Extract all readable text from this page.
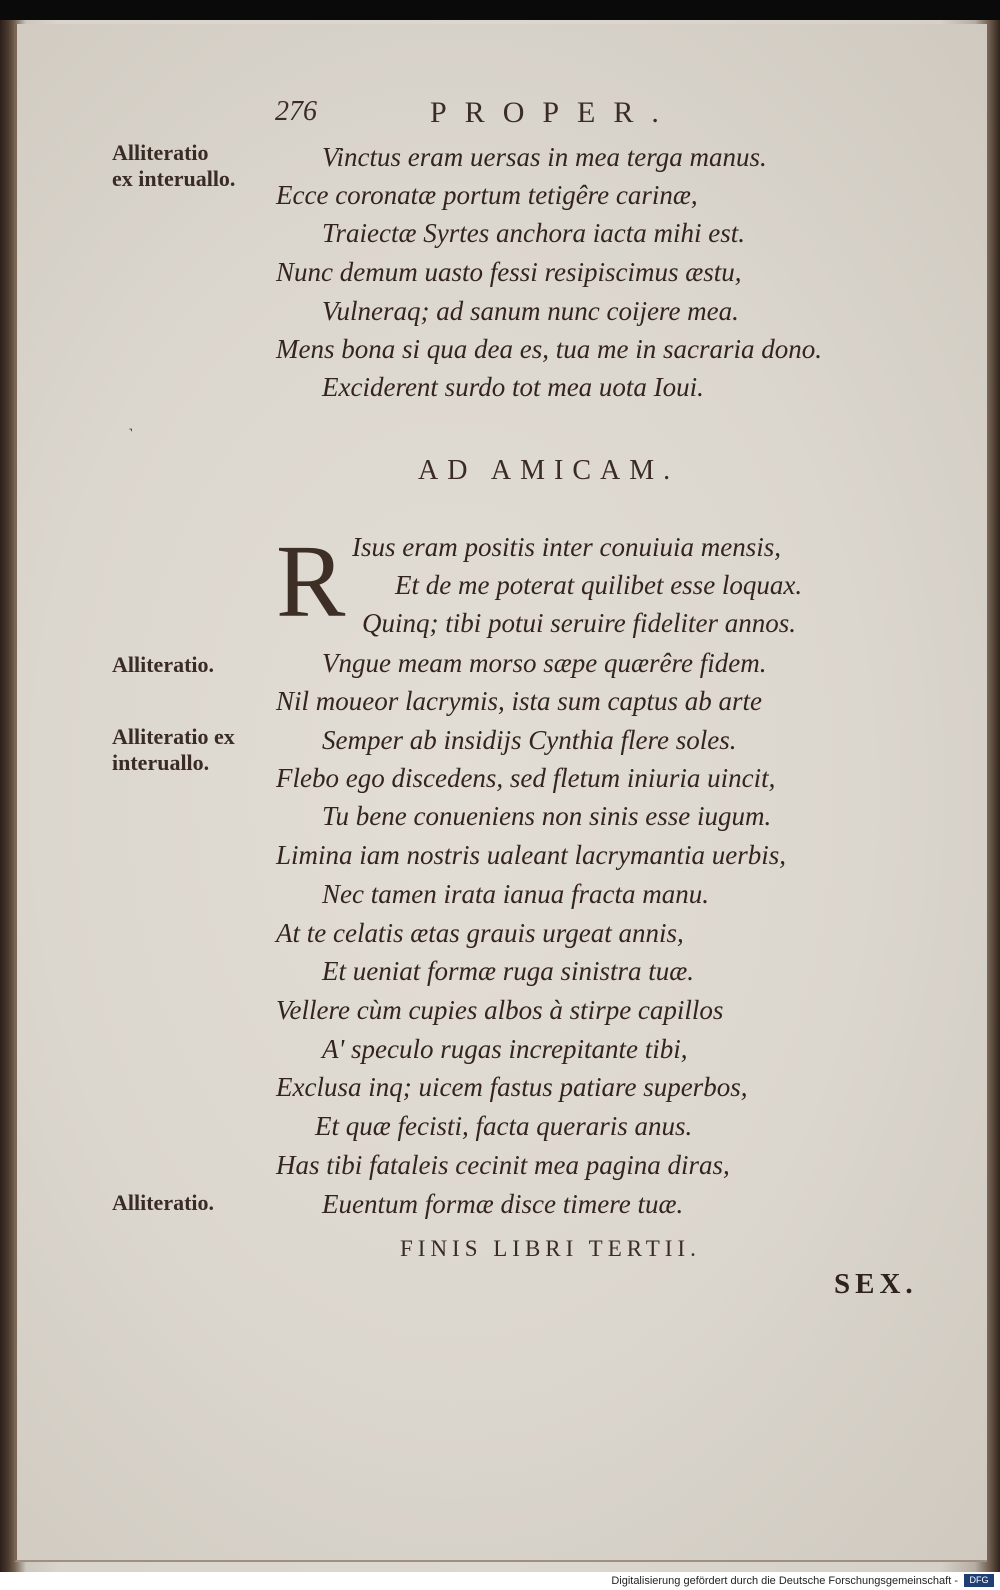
276	PROPER.
Alliteratio
ex interuallo.
Alliteratio.
Alliteratio ex
interuallo.
Alliteratio.
Vinctus eram uersas in mea terga manus.
Ecce coronatæ portum tetigêre carinæ,
Traiectæ Syrtes anchora iacta mihi est.
Nunc demum uasto fessi resipiscimus æstu,
Vulneraq; ad sanum nunc coijere mea.
Mens bona si qua dea es, tua me in sacraria dono.
Exciderent surdo tot mea uota Ioui.
˺
AD AMICAM.
R Isus eram positis inter conuiuia mensis,
Et de me poterat quilibet esse loquax.
Quinq; tibi potui seruire fideliter annos.
Vngue meam morso sæpe quærêre fidem.
Nil moueor lacrymis, ista sum captus ab arte
Semper ab insidijs Cynthia flere soles.
Flebo ego discedens, sed fletum iniuria uincit,
Tu bene conueniens non sinis esse iugum.
Limina iam nostris ualeant lacrymantia uerbis,
Nec tamen irata ianua fracta manu.
At te celatis ætas grauis urgeat annis,
Et ueniat formæ ruga sinistra tuæ.
Vellere cùm cupies albos à stirpe capillos
A' speculo rugas increpitante tibi,
Exclusa inq; uicem fastus patiare superbos,
Et quæ fecisti, facta queraris anus.
Has tibi fataleis cecinit mea pagina diras,
Euentum formæ disce timere tuæ.
FINIS LIBRI TERTII.
SEX.
Digitalisierung gefördert durch die Deutsche Forschungsgemeinschaft -	DFG
